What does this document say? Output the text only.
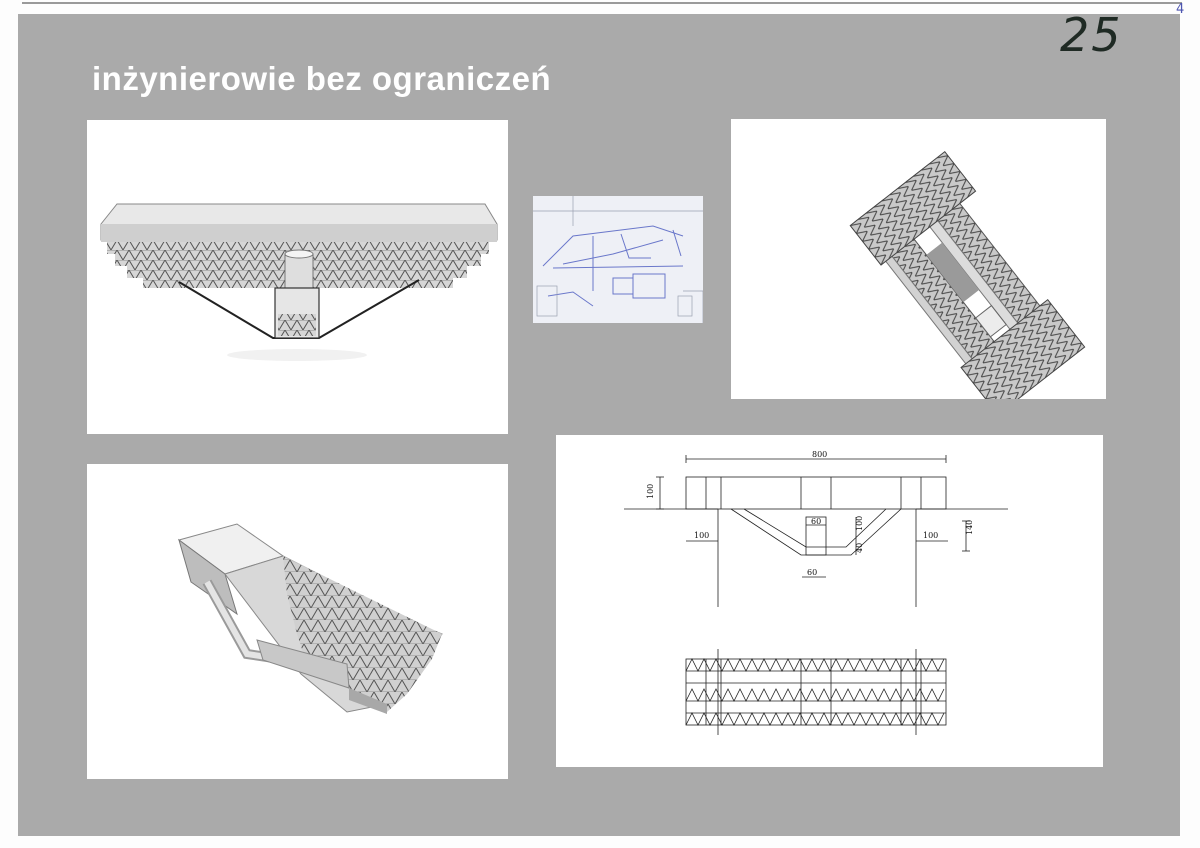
25	4
inżynierowie bez ograniczeń
800
100
100	100
60	100
40
140
60
